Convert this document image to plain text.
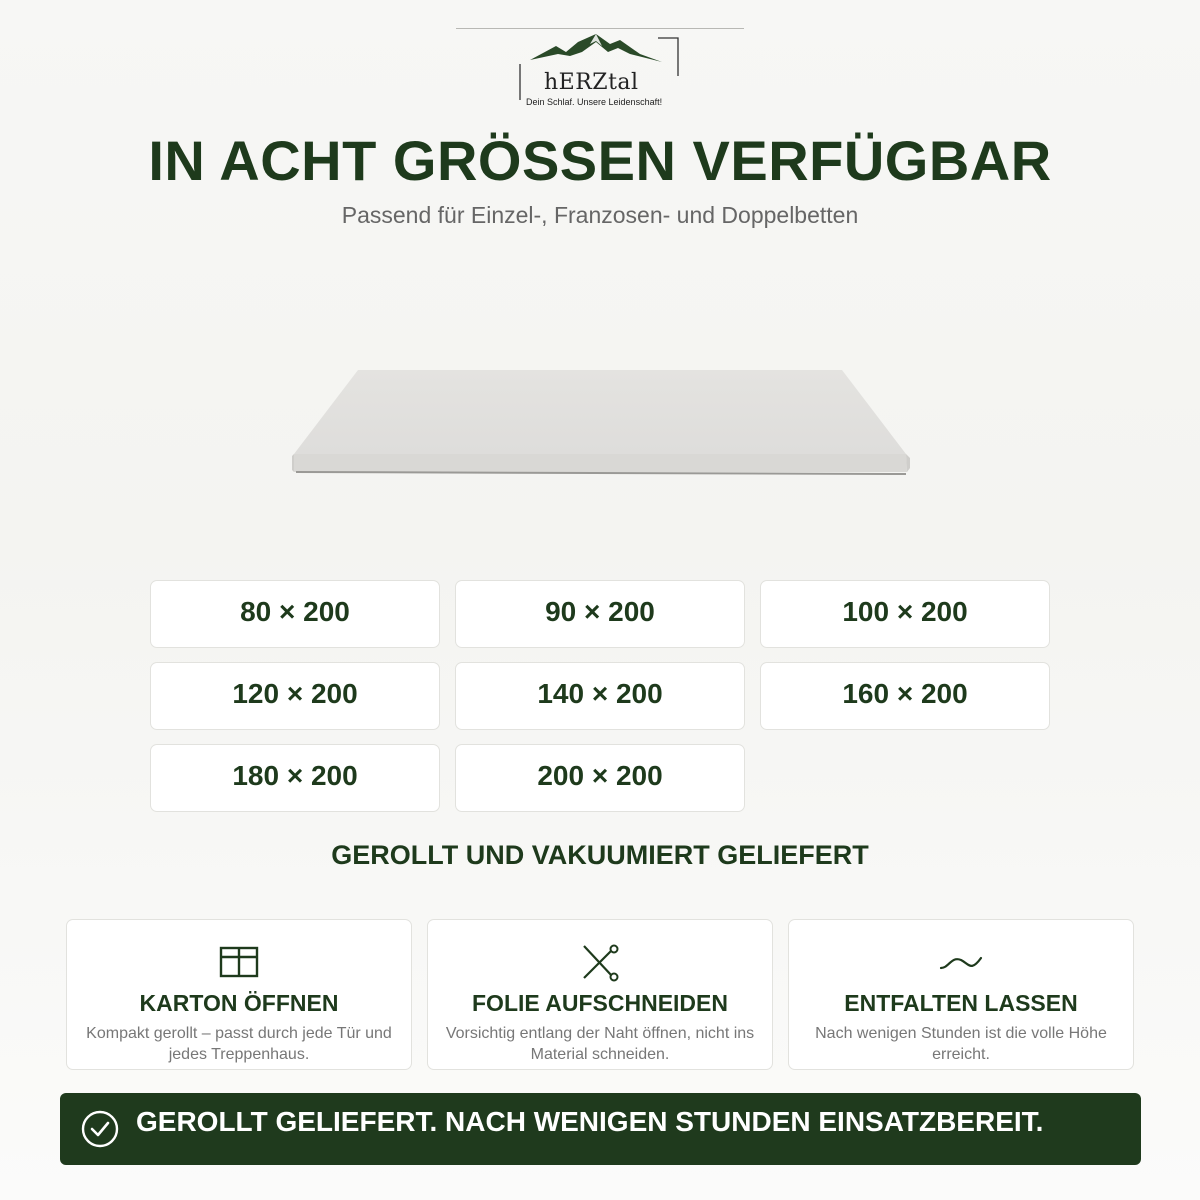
hERZtal
Dein Schlaf. Unsere Leidenschaft!
IN ACHT GRÖSSEN VERFÜGBAR
Passend für Einzel-, Franzosen- und Doppelbetten
80 × 200	90 × 200	100 × 200
120 × 200	140 × 200	160 × 200
180 × 200	200 × 200
GEROLLT UND VAKUUMIERT GELIEFERT
KARTON ÖFFNEN
Kompakt gerollt – passt durch jede Tür und jedes Treppenhaus.
FOLIE AUFSCHNEIDEN
Vorsichtig entlang der Naht öffnen, nicht ins Material schneiden.
ENTFALTEN LASSEN
Nach wenigen Stunden ist die volle Höhe erreicht.
GEROLLT GELIEFERT. NACH WENIGEN STUNDEN EINSATZBEREIT.
